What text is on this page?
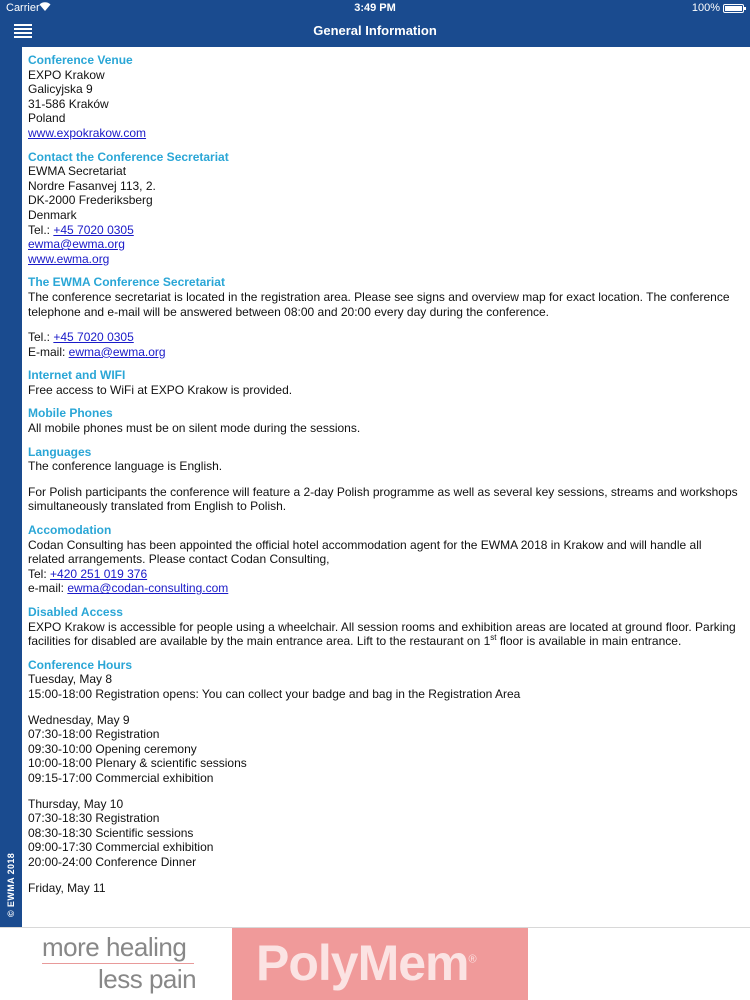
Carrier	3:49 PM	100%
General Information
© EWMA 2018
Conference Venue

EXPO Krakow

Galicyjska 9

31-586 Kraków

Poland

www.expokrakow.com

Contact the Conference Secretariat

EWMA Secretariat

Nordre Fasanvej 113, 2.

DK-2000 Frederiksberg

Denmark

Tel.: +45 7020 0305

ewma@ewma.org

www.ewma.org

The EWMA Conference Secretariat

The conference secretariat is located in the registration area. Please see signs and overview map for exact location. The conference telephone and e-mail will be answered between 08:00 and 20:00 every day during the conference.

Tel.: +45 7020 0305

E-mail: ewma@ewma.org

Internet and WIFI

Free access to WiFi at EXPO Krakow is provided.

Mobile Phones

All mobile phones must be on silent mode during the sessions.

Languages

The conference language is English.

For Polish participants the conference will feature a 2-day Polish programme as well as several key sessions, streams and workshops simultaneously translated from English to Polish.

Accomodation

Codan Consulting has been appointed the official hotel accommodation agent for the EWMA 2018 in Krakow and will handle all related arrangements. Please contact Codan Consulting,

Tel: +420 251 019 376

e-mail: ewma@codan-consulting.com

Disabled Access

EXPO Krakow is accessible for people using a wheelchair. All session rooms and exhibition areas are located at ground floor. Parking facilities for disabled are available by the main entrance area. Lift to the restaurant on 1st floor is available in main entrance.

Conference Hours

Tuesday, May 8

15:00-18:00 Registration opens: You can collect your badge and bag in the Registration Area

Wednesday, May 9

07:30-18:00 Registration

09:30-10:00 Opening ceremony

10:00-18:00 Plenary & scientific sessions

09:15-17:00 Commercial exhibition

Thursday, May 10

07:30-18:30 Registration

08:30-18:30 Scientific sessions

09:00-17:30 Commercial exhibition

20:00-24:00 Conference Dinner

Friday, May 11

more healing
less pain PolyMem®
